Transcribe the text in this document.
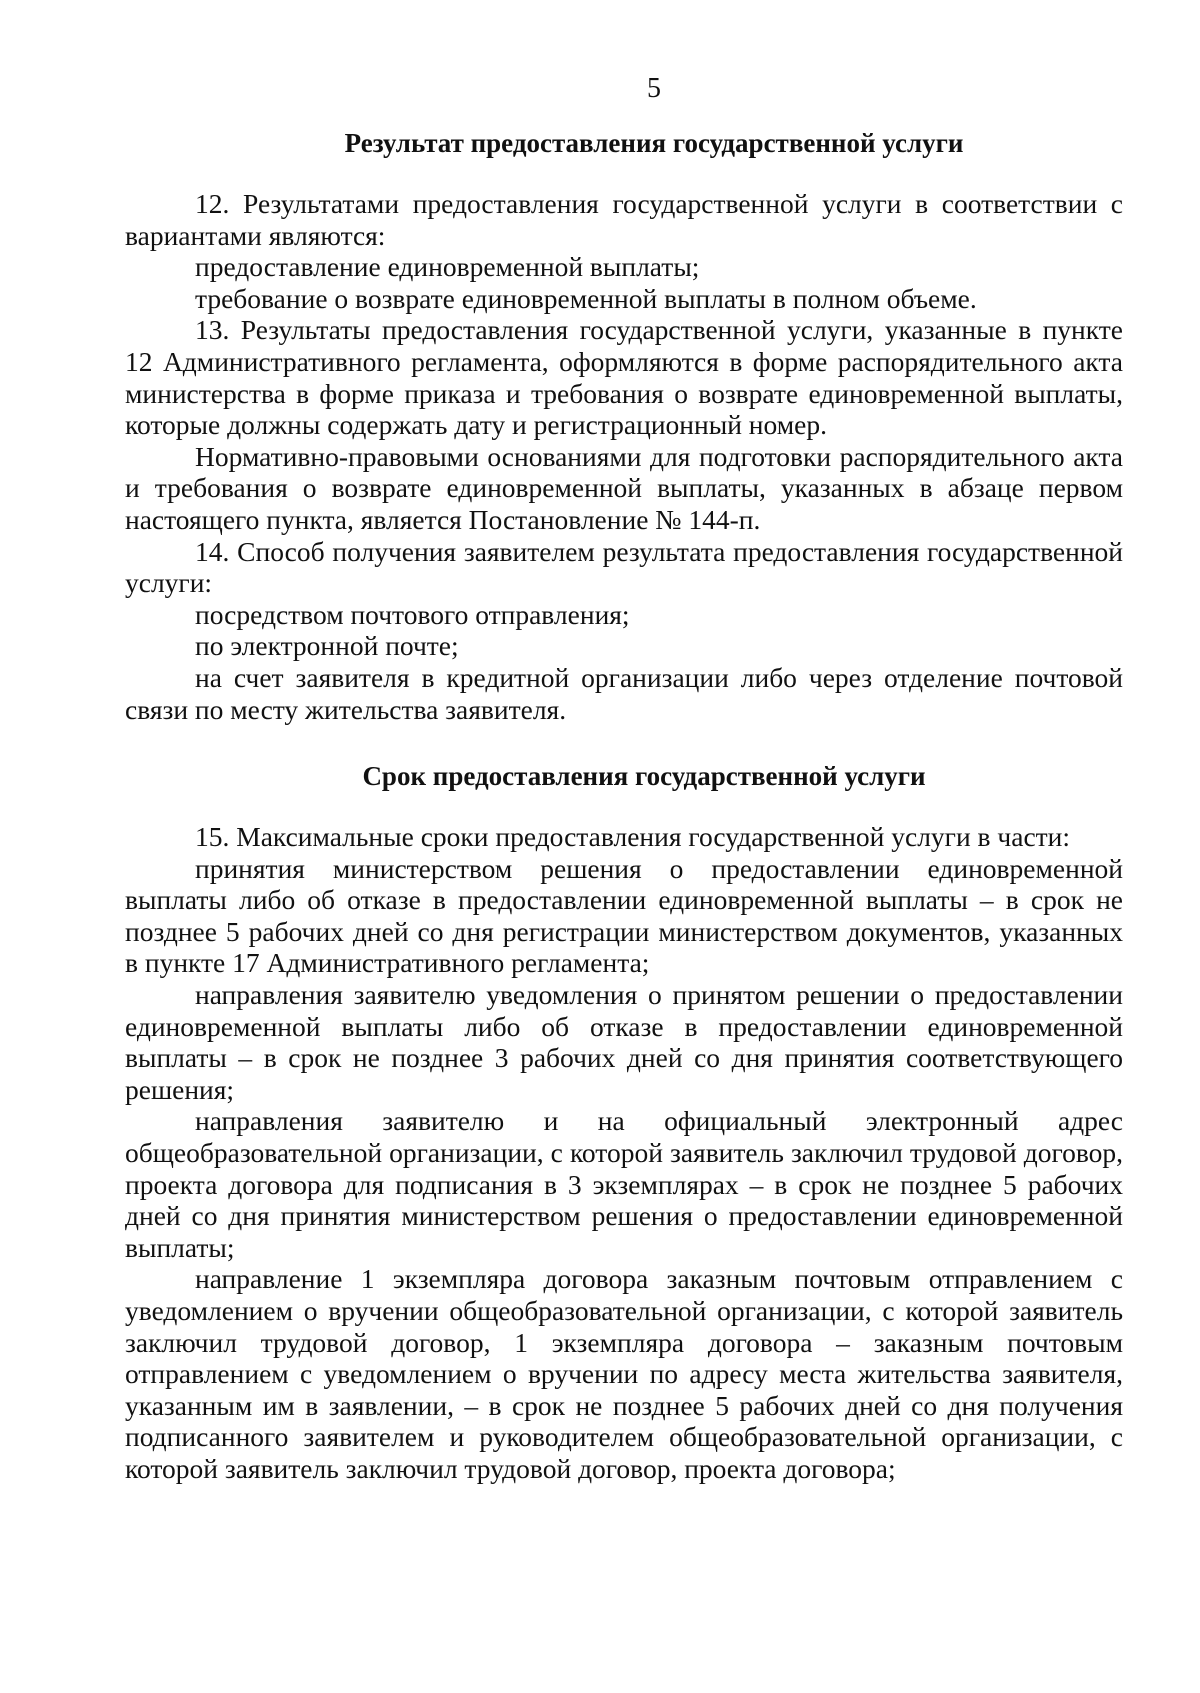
5
Результат предоставления государственной услуги

12. Результатами предоставления государственной услуги в соответствии с вариантами являются:

предоставление единовременной выплаты;

требование о возврате единовременной выплаты в полном объеме.

13. Результаты предоставления государственной услуги, указанные в пункте 12 Административного регламента, оформляются в форме распорядительного акта министерства в форме приказа и требования о возврате единовременной выплаты, которые должны содержать дату и регистрационный номер.

Нормативно-правовыми основаниями для подготовки распорядительного акта и требования о возврате единовременной выплаты, указанных в абзаце первом настоящего пункта, является Постановление № 144-п.

14. Способ получения заявителем результата предоставления государственной услуги:

посредством почтового отправления;

по электронной почте;

на счет заявителя в кредитной организации либо через отделение почтовой связи по месту жительства заявителя.

Срок предоставления государственной услуги

15. Максимальные сроки предоставления государственной услуги в части:

принятия министерством решения о предоставлении единовременной выплаты либо об отказе в предоставлении единовременной выплаты – в срок не позднее 5 рабочих дней со дня регистрации министерством документов, указанных в пункте 17 Административного регламента;

направления заявителю уведомления о принятом решении о предоставлении единовременной выплаты либо об отказе в предоставлении единовременной выплаты – в срок не позднее 3 рабочих дней со дня принятия соответствующего решения;

направления заявителю и на официальный электронный адрес общеобразовательной организации, с которой заявитель заключил трудовой договор, проекта договора для подписания в 3 экземплярах – в срок не позднее 5 рабочих дней со дня принятия министерством решения о предоставлении единовременной выплаты;

направление 1 экземпляра договора заказным почтовым отправлением с уведомлением о вручении общеобразовательной организации, с которой заявитель заключил трудовой договор, 1 экземпляра договора – заказным почтовым отправлением с уведомлением о вручении по адресу места жительства заявителя, указанным им в заявлении, – в срок не позднее 5 рабочих дней со дня получения подписанного заявителем и руководителем общеобразовательной организации, с которой заявитель заключил трудовой договор, проекта договора;
